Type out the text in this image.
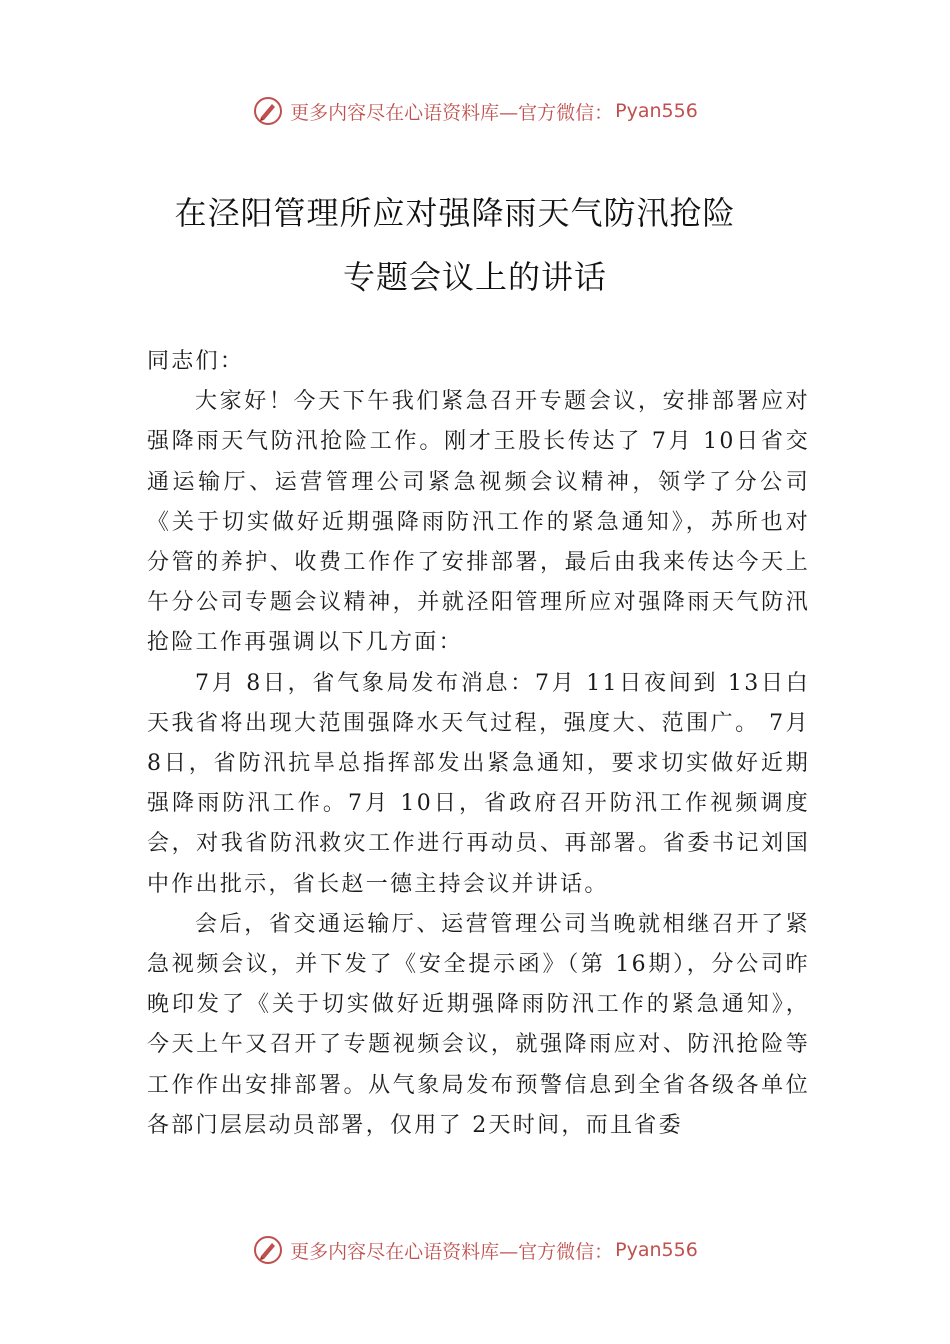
更多内容尽在心语资料库—官方微信： Pyan556
在泾阳管理所应对强降雨天气防汛抢险
专题会议上的讲话

同志们：

大家好！今天下午我们紧急召开专题会议，安排部署应对强降雨天气防汛抢险工作。刚才王股长传达了 7月 10日省交通运输厅、运营管理公司紧急视频会议精神，领学了分公司《关于切实做好近期强降雨防汛工作的紧急通知》，苏所也对分管的养护、收费工作作了安排部署，最后由我来传达今天上午分公司专题会议精神，并就泾阳管理所应对强降雨天气防汛抢险工作再强调以下几方面：

7月 8日，省气象局发布消息：7月 11日夜间到 13日白天我省将出现大范围强降水天气过程，强度大、范围广。 7月 8日，省防汛抗旱总指挥部发出紧急通知，要求切实做好近期强降雨防汛工作。7月 10日，省政府召开防汛工作视频调度会，对我省防汛救灾工作进行再动员、再部署。省委书记刘国中作出批示，省长赵一德主持会议并讲话。

会后，省交通运输厅、运营管理公司当晚就相继召开了紧急视频会议，并下发了《安全提示函》（第 16期），分公司昨晚印发了《关于切实做好近期强降雨防汛工作的紧急通知》，今天上午又召开了专题视频会议，就强降雨应对、防汛抢险等工作作出安排部署。从气象局发布预警信息到全省各级各单位各部门层层动员部署，仅用了 2天时间，而且省委

更多内容尽在心语资料库—官方微信： Pyan556
